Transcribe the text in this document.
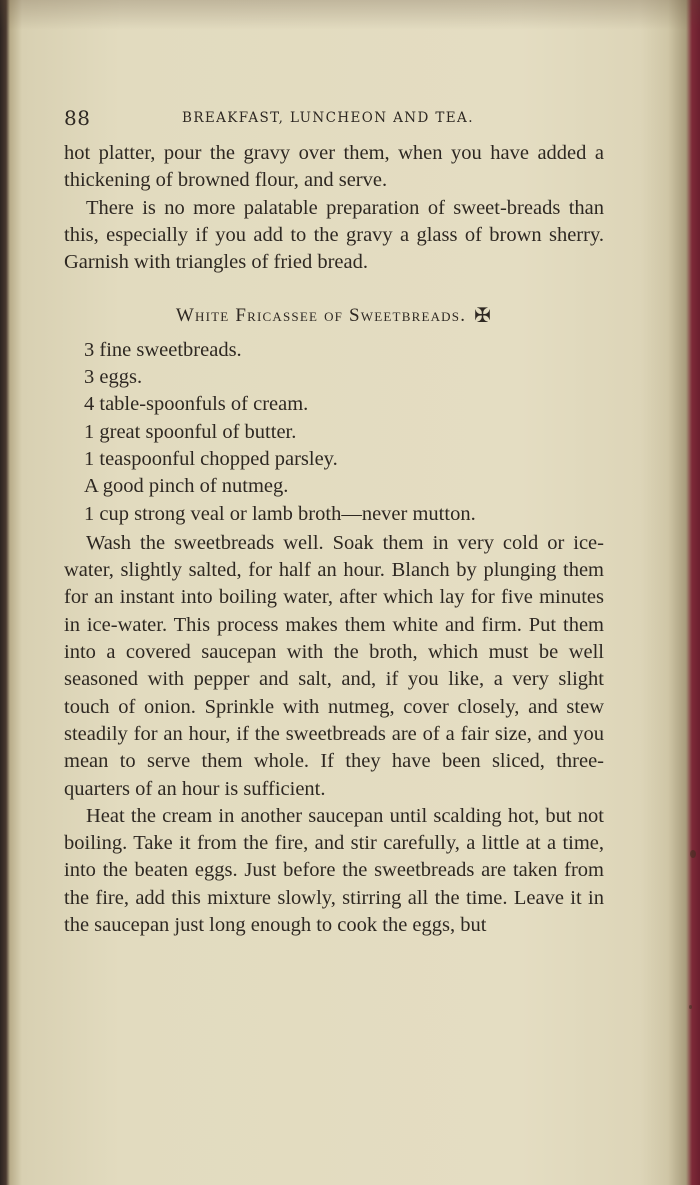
88	BREAKFAST, LUNCHEON AND TEA.

hot platter, pour the gravy over them, when you have added a thickening of browned flour, and serve.

There is no more palatable preparation of sweet-breads than this, especially if you add to the gravy a glass of brown sherry. Garnish with triangles of fried bread.

White Fricassee of Sweetbreads. ✠
3 fine sweetbreads.
3 eggs.
4 table-spoonfuls of cream.
1 great spoonful of butter.
1 teaspoonful chopped parsley.
A good pinch of nutmeg.
1 cup strong veal or lamb broth—never mutton.

Wash the sweetbreads well. Soak them in very cold or ice-water, slightly salted, for half an hour. Blanch by plunging them for an instant into boiling water, after which lay for five minutes in ice-water. This process makes them white and firm. Put them into a covered saucepan with the broth, which must be well seasoned with pepper and salt, and, if you like, a very slight touch of onion. Sprinkle with nutmeg, cover closely, and stew steadily for an hour, if the sweetbreads are of a fair size, and you mean to serve them whole. If they have been sliced, three-quarters of an hour is sufficient.

Heat the cream in another saucepan until scalding hot, but not boiling. Take it from the fire, and stir carefully, a little at a time, into the beaten eggs. Just before the sweetbreads are taken from the fire, add this mixture slowly, stirring all the time. Leave it in the saucepan just long enough to cook the eggs, but
